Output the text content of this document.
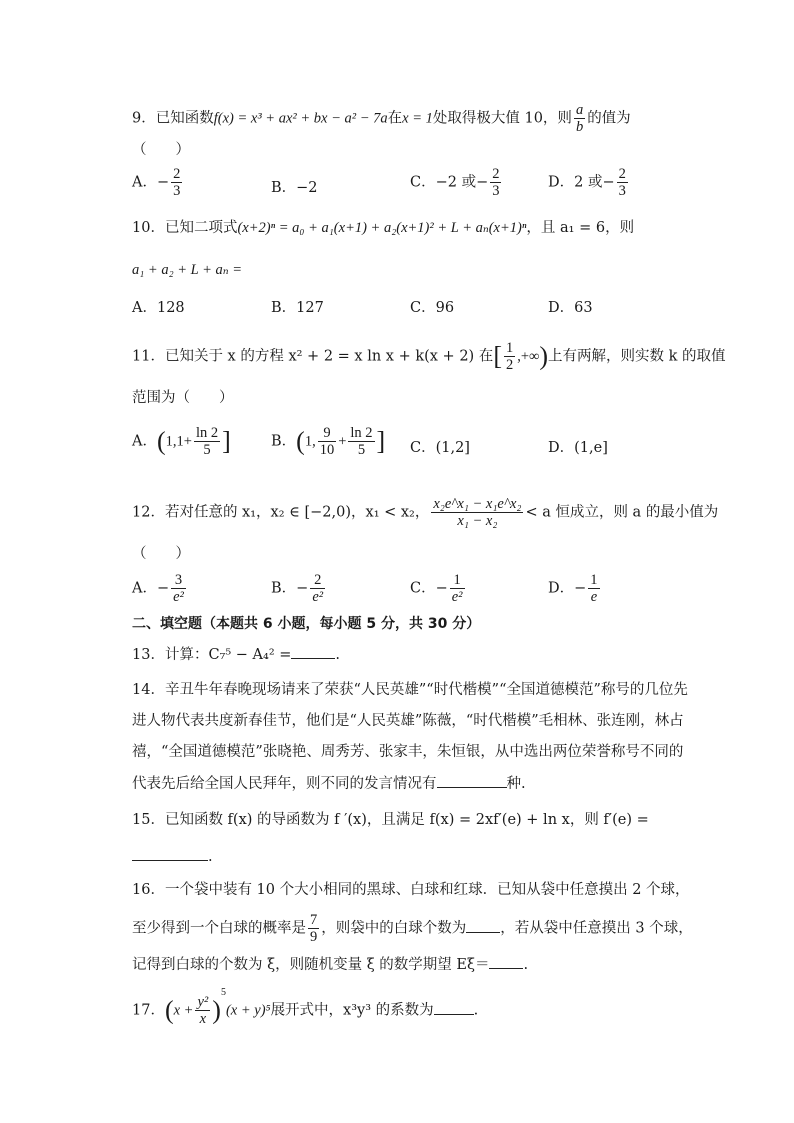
9．已知函数f(x) = x³ + ax² + bx − a² − 7a在x = 1处取得极大值 10，则 $\frac{a}{b}$ 的值为
（　　）
A．− $\frac{2}{3}$	B．−2	C．−2 或− $\frac{2}{3}$	D．2 或− $\frac{2}{3}$
10．已知二项式(x+2)ⁿ = a₀ + a₁(x+1) + a₂(x+1)² + L + aₙ(x+1)ⁿ，且 a₁ = 6，则
a₁ + a₂ + L + aₙ =
A．128	B．127	C．96	D．63
11．已知关于 x 的方程 x² + 2 = x ln x + k(x + 2) 在[ $\frac{1}{2}$ ,+∞)上有两解，则实数 k 的取值
范围为（　　）
A．($1,1+ \frac{\ln 2}{5}$ ]	B．(1, $\frac{9}{10} + \frac{\ln 2}{5}$ ] C．(1,2]	D．(1,e]
12．若对任意的 x₁，x₂ ∈ [−2,0)，x₁ < x₂， $\frac{\text{x₂e\textasciicircum{}x₁ − x₁e\textasciicircum{}x₂}}{\text{x₁ − x₂}} < a$ 恒成立，则 a 的最小值为
（　　）
A．− $\frac{3}{\text{e²}}$	B．− $\frac{2}{\text{e²}}$	C．− $\frac{1}{\text{e²}}$	D．− $\frac{1}{e}$
二、填空题（本题共 6 小题，每小题 5 分，共 30 分）
13．计算：C₇⁵ − A₄² =	.
14．辛丑牛年春晚现场请来了荣获“人民英雄”“时代楷模”“全国道德模范”称号的几位先
进人物代表共度新春佳节，他们是“人民英雄”陈薇，“时代楷模”毛相林、张连刚，林占
禧，“全国道德模范”张晓艳、周秀芳、张家丰，朱恒银，从中选出两位荣誉称号不同的
代表先后给全国人民拜年，则不同的发言情况有	种.
15．已知函数 f(x) 的导函数为 f ′(x)，且满足 f(x) = 2xf′(e) + ln x，则 f′(e) =
.
16．一个袋中装有 10 个大小相同的黑球、白球和红球．已知从袋中任意摸出 2 个球，
至少得到一个白球的概率是 $\frac{7}{9}$ ，则袋中的白球个数为 ，若从袋中任意摸出 3 个球，
记得到白球的个数为 ξ，则随机变量 ξ 的数学期望 Eξ＝ .
17．$(x + \frac{\text{y²}}{x} )^5(x + y)^5$展开式中，x³y³ 的系数为	.
